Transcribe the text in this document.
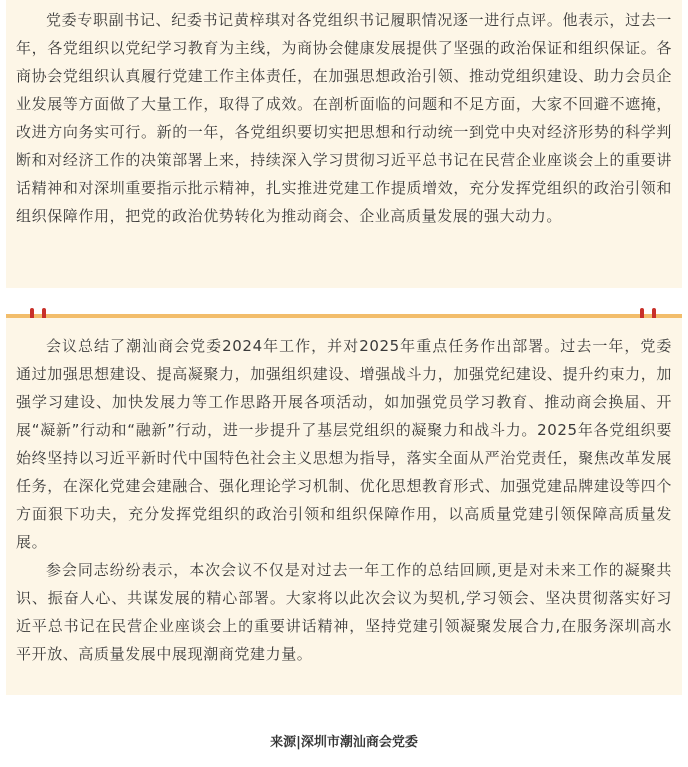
党委专职副书记、纪委书记黄梓琪对各党组织书记履职情况逐一进行点评。他表示，过去一年，各党组织以党纪学习教育为主线，为商协会健康发展提供了坚强的政治保证和组织保证。各商协会党组织认真履行党建工作主体责任，在加强思想政治引领、推动党组织建设、助力会员企业发展等方面做了大量工作，取得了成效。在剖析面临的问题和不足方面，大家不回避不遮掩，改进方向务实可行。新的一年，各党组织要切实把思想和行动统一到党中央对经济形势的科学判断和对经济工作的决策部署上来，持续深入学习贯彻习近平总书记在民营企业座谈会上的重要讲话精神和对深圳重要指示批示精神，扎实推进党建工作提质增效，充分发挥党组织的政治引领和组织保障作用，把党的政治优势转化为推动商会、企业高质量发展的强大动力。

会议总结了潮汕商会党委2024年工作，并对2025年重点任务作出部署。过去一年，党委通过加强思想建设、提高凝聚力，加强组织建设、增强战斗力，加强党纪建设、提升约束力，加强学习建设、加快发展力等工作思路开展各项活动，如加强党员学习教育、推动商会换届、开展“凝新”行动和“融新”行动，进一步提升了基层党组织的凝聚力和战斗力。2025年各党组织要始终坚持以习近平新时代中国特色社会主义思想为指导，落实全面从严治党责任，聚焦改革发展任务，在深化党建会建融合、强化理论学习机制、优化思想教育形式、加强党建品牌建设等四个方面狠下功夫，充分发挥党组织的政治引领和组织保障作用，以高质量党建引领保障高质量发展。

参会同志纷纷表示，本次会议不仅是对过去一年工作的总结回顾,更是对未来工作的凝聚共识、振奋人心、共谋发展的精心部署。大家将以此次会议为契机,学习领会、坚决贯彻落实好习近平总书记在民营企业座谈会上的重要讲话精神，坚持党建引领凝聚发展合力,在服务深圳高水平开放、高质量发展中展现潮商党建力量。

来源|深圳市潮汕商会党委
